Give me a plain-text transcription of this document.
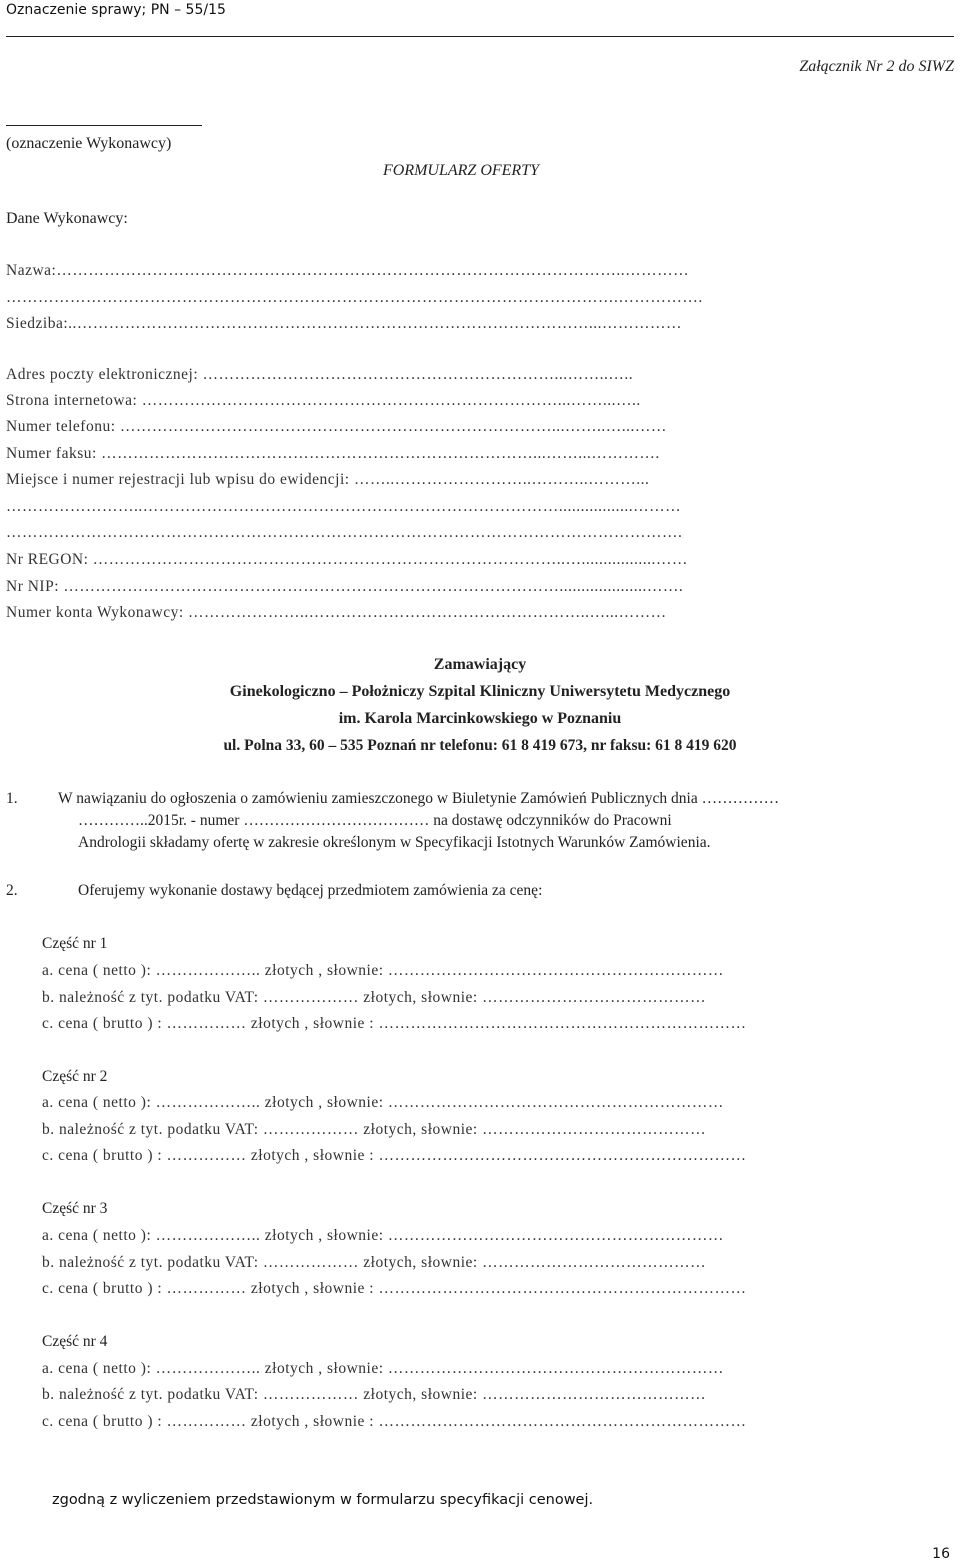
Oznaczenie sprawy; PN – 55/15
Załącznik Nr 2 do SIWZ
(oznaczenie Wykonawcy)
FORMULARZ OFERTY
Dane Wykonawcy:
Nazwa:……………………………………………………………………………………………..…………
…………………………………………………………………………………………………….…………….
Siedziba:..……………………………………………………………………………………...……………
Adres poczty elektronicznej: …………………………………………………………...……..…..
Strona internetowa: ……………………………………………………………………...……...…..
Numer telefonu: ………………………………………………………………………...……..…...……
Numer faksu: ………………………………………………………………………...……...………….
Miejsce i numer rejestracji lub wpisu do ewidencji: ……..……………………..………..………...
……………………..…………………………………………………………………….................………
……………………………………………………………………………………………………………….
Nr REGON: ……………………………………………………………………………..….................……
Nr NIP: …………………………………………………………………………………....................…….
Numer konta Wykonawcy: …………………..……………………………………………..…...………
Zamawiający
Ginekologiczno – Położniczy Szpital Kliniczny Uniwersytetu Medycznego
im. Karola Marcinkowskiego w Poznaniu
ul. Polna 33, 60 – 535 Poznań nr telefonu: 61 8 419 673, nr faksu: 61 8 419 620
1.	W nawiązaniu do ogłoszenia o zamówieniu zamieszczonego w Biuletynie Zamówień Publicznych dnia ……………
…………..2015r. - numer ……………………………… na dostawę odczynników do Pracowni
Andrologii składamy ofertę w zakresie określonym w Specyfikacji Istotnych Warunków Zamówienia.
2.	Oferujemy wykonanie dostawy będącej przedmiotem zamówienia za cenę:
Część nr 1
a. cena ( netto ): ……………….. złotych , słownie: ………………………………………………………
b. należność z tyt. podatku VAT: ……………… złotych, słownie: ……………………………………
c. cena ( brutto ) : …………… złotych , słownie : ……………………………………………………………
Część nr 2
a. cena ( netto ): ……………….. złotych , słownie: ………………………………………………………
b. należność z tyt. podatku VAT: ……………… złotych, słownie: ……………………………………
c. cena ( brutto ) : …………… złotych , słownie : ……………………………………………………………
Część nr 3
a. cena ( netto ): ……………….. złotych , słownie: ………………………………………………………
b. należność z tyt. podatku VAT: ……………… złotych, słownie: ……………………………………
c. cena ( brutto ) : …………… złotych , słownie : ……………………………………………………………
Część nr 4
a. cena ( netto ): ……………….. złotych , słownie: ………………………………………………………
b. należność z tyt. podatku VAT: ……………… złotych, słownie: ……………………………………
c. cena ( brutto ) : …………… złotych , słownie : ……………………………………………………………
zgodną z wyliczeniem przedstawionym w formularzu specyfikacji cenowej.
16
